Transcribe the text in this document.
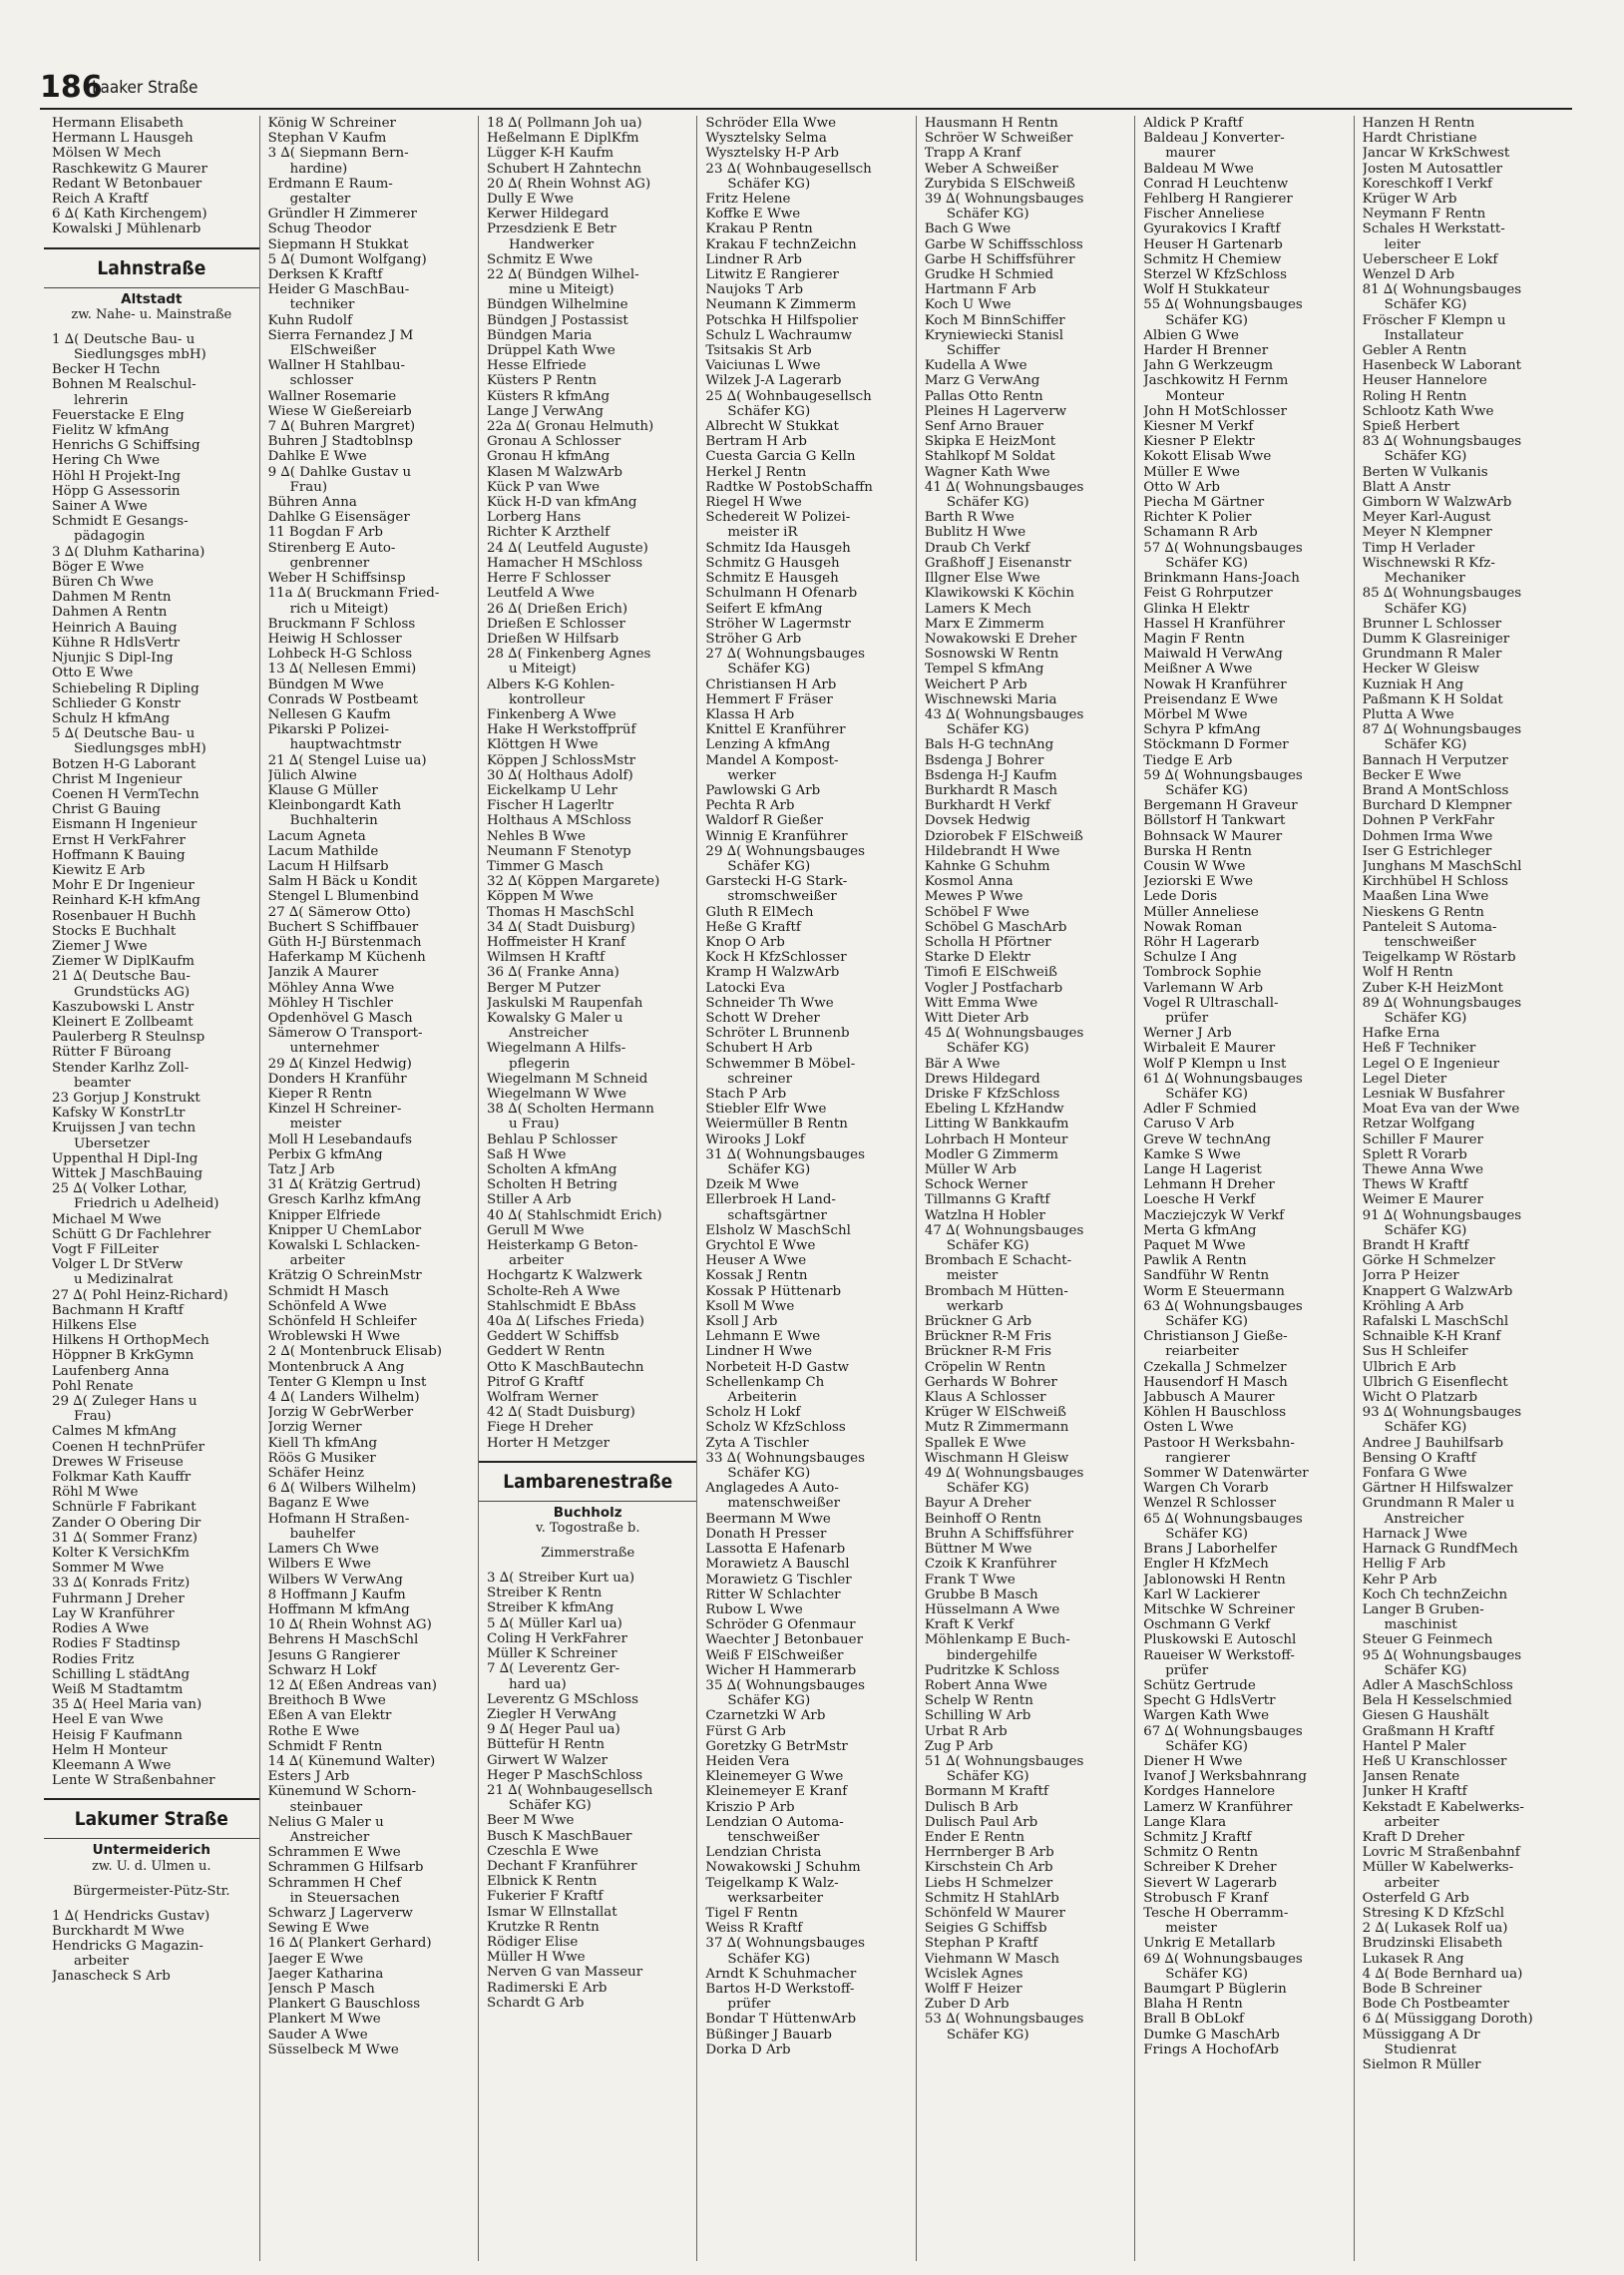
186
Laaker Straße
Hermann Elisabeth
Hermann L Hausgeh
Mölsen W Mech
Raschkewitz G Maurer
Redant W Betonbauer
Reich A Kraftf
6 ∆( Kath Kirchengem)
Kowalski J Mühlenarb
Lahnstraße
Altstadt
zw. Nahe- u. Mainstraße
1 ∆( Deutsche Bau- u
Siedlungsges mbH)
Becker H Techn
Bohnen M Realschul-
lehrerin
Feuerstacke E Elng
Fielitz W kfmAng
Henrichs G Schiffsing
Hering Ch Wwe
Höhl H Projekt-Ing
Höpp G Assessorin
Sainer A Wwe
Schmidt E Gesangs-
pädagogin
3 ∆( Dluhm Katharina)
Böger E Wwe
Büren Ch Wwe
Dahmen M Rentn
Dahmen A Rentn
Heinrich A Bauing
Kühne R HdlsVertr
Njunjic S Dipl-Ing
Otto E Wwe
Schiebeling R Dipling
Schlieder G Konstr
Schulz H kfmAng
5 ∆( Deutsche Bau- u
Siedlungsges mbH)
Botzen H-G Laborant
Christ M Ingenieur
Coenen H VermTechn
Christ G Bauing
Eismann H Ingenieur
Ernst H VerkFahrer
Hoffmann K Bauing
Kiewitz E Arb
Mohr E Dr Ingenieur
Reinhard K-H kfmAng
Rosenbauer H Buchh
Stocks E Buchhalt
Ziemer J Wwe
Ziemer W DiplKaufm
21 ∆( Deutsche Bau-
Grundstücks AG)
Kaszubowski L Anstr
Kleinert E Zollbeamt
Paulerberg R Steulnsp
Rütter F Büroang
Stender Karlhz Zoll-
beamter
23 Gorjup J Konstrukt
Kafsky W KonstrLtr
Kruijssen J van techn
Übersetzer
Uppenthal H Dipl-Ing
Wittek J MaschBauing
25 ∆( Volker Lothar,
Friedrich u Adelheid)
Michael M Wwe
Schütt G Dr Fachlehrer
Vogt F FilLeiter
Volger L Dr StVerw
u Medizinalrat
27 ∆( Pohl Heinz-Richard)
Bachmann H Kraftf
Hilkens Else
Hilkens H OrthopMech
Höppner B KrkGymn
Laufenberg Anna
Pohl Renate
29 ∆( Zuleger Hans u
Frau)
Calmes M kfmAng
Coenen H technPrüfer
Drewes W Friseuse
Folkmar Kath Kauffr
Röhl M Wwe
Schnürle F Fabrikant
Zander O Obering Dir
31 ∆( Sommer Franz)
Kolter K VersichKfm
Sommer M Wwe
33 ∆( Konrads Fritz)
Fuhrmann J Dreher
Lay W Kranführer
Rodies A Wwe
Rodies F Stadtinsp
Rodies Fritz
Schilling L städtAng
Weiß M Stadtamtm
35 ∆( Heel Maria van)
Heel E van Wwe
Heisig F Kaufmann
Helm H Monteur
Kleemann A Wwe
Lente W Straßenbahner
Lakumer Straße
Untermeiderich
zw. U. d. Ulmen u.
Bürgermeister-Pütz-Str.
1 ∆( Hendricks Gustav)
Burckhardt M Wwe
Hendricks G Magazin-
arbeiter
Janascheck S Arb
König W Schreiner
Stephan V Kaufm
3 ∆( Siepmann Bern-
hardine)
Erdmann E Raum-
gestalter
Gründler H Zimmerer
Schug Theodor
Siepmann H Stukkat
5 ∆( Dumont Wolfgang)
Derksen K Kraftf
Heider G MaschBau-
techniker
Kuhn Rudolf
Sierra Fernandez J M
ElSchweißer
Wallner H Stahlbau-
schlosser
Wallner Rosemarie
Wiese W Gießereiarb
7 ∆( Buhren Margret)
Buhren J Stadtoblnsp
Dahlke E Wwe
9 ∆( Dahlke Gustav u
Frau)
Bühren Anna
Dahlke G Eisensäger
11 Bogdan F Arb
Stirenberg E Auto-
genbrenner
Weber H Schiffsinsp
11a ∆( Bruckmann Fried-
rich u Miteigt)
Bruckmann F Schloss
Heiwig H Schlosser
Lohbeck H-G Schloss
13 ∆( Nellesen Emmi)
Bündgen M Wwe
Conrads W Postbeamt
Nellesen G Kaufm
Pikarski P Polizei-
hauptwachtmstr
21 ∆( Stengel Luise ua)
Jülich Alwine
Klause G Müller
Kleinbongardt Kath
Buchhalterin
Lacum Agneta
Lacum Mathilde
Lacum H Hilfsarb
Salm H Bäck u Kondit
Stengel L Blumenbind
27 ∆( Sämerow Otto)
Buchert S Schiffbauer
Güth H-J Bürstenmach
Haferkamp M Küchenh
Janzik A Maurer
Möhley Anna Wwe
Möhley H Tischler
Opdenhövel G Masch
Sämerow O Transport-
unternehmer
29 ∆( Kinzel Hedwig)
Donders H Kranführ
Kieper R Rentn
Kinzel H Schreiner-
meister
Moll H Lesebandaufs
Perbix G kfmAng
Tatz J Arb
31 ∆( Krätzig Gertrud)
Gresch Karlhz kfmAng
Knipper Elfriede
Knipper U ChemLabor
Kowalski L Schlacken-
arbeiter
Krätzig O SchreinMstr
Schmidt H Masch
Schönfeld A Wwe
Schönfeld H Schleifer
Wroblewski H Wwe
2 ∆( Montenbruck Elisab)
Montenbruck A Ang
Tenter G Klempn u Inst
4 ∆( Landers Wilhelm)
Jorzig W GebrWerber
Jorzig Werner
Kiell Th kfmAng
Röös G Musiker
Schäfer Heinz
6 ∆( Wilbers Wilhelm)
Baganz E Wwe
Hofmann H Straßen-
bauhelfer
Lamers Ch Wwe
Wilbers E Wwe
Wilbers W VerwAng
8 Hoffmann J Kaufm
Hoffmann M kfmAng
10 ∆( Rhein Wohnst AG)
Behrens H MaschSchl
Jesuns G Rangierer
Schwarz H Lokf
12 ∆( Eßen Andreas van)
Breithoch B Wwe
Eßen A van Elektr
Rothe E Wwe
Schmidt F Rentn
14 ∆( Künemund Walter)
Esters J Arb
Künemund W Schorn-
steinbauer
Nelius G Maler u
Anstreicher
Schrammen E Wwe
Schrammen G Hilfsarb
Schrammen H Chef
in Steuersachen
Schwarz J Lagerverw
Sewing E Wwe
16 ∆( Plankert Gerhard)
Jaeger E Wwe
Jaeger Katharina
Jensch P Masch
Plankert G Bauschloss
Plankert M Wwe
Sauder A Wwe
Süsselbeck M Wwe
18 ∆( Pollmann Joh ua)
Heßelmann E DiplKfm
Lügger K-H Kaufm
Schubert H Zahntechn
20 ∆( Rhein Wohnst AG)
Dully E Wwe
Kerwer Hildegard
Przesdzienk E Betr
Handwerker
Schmitz E Wwe
22 ∆( Bündgen Wilhel-
mine u Miteigt)
Bündgen Wilhelmine
Bündgen J Postassist
Bündgen Maria
Drüppel Kath Wwe
Hesse Elfriede
Küsters P Rentn
Küsters R kfmAng
Lange J VerwAng
22a ∆( Gronau Helmuth)
Gronau A Schlosser
Gronau H kfmAng
Klasen M WalzwArb
Kück P van Wwe
Kück H-D van kfmAng
Lorberg Hans
Richter K Arzthelf
24 ∆( Leutfeld Auguste)
Hamacher H MSchloss
Herre F Schlosser
Leutfeld A Wwe
26 ∆( Drießen Erich)
Drießen E Schlosser
Drießen W Hilfsarb
28 ∆( Finkenberg Agnes
u Miteigt)
Albers K-G Kohlen-
kontrolleur
Finkenberg A Wwe
Hake H Werkstoffprüf
Klöttgen H Wwe
Köppen J SchlossMstr
30 ∆( Holthaus Adolf)
Eickelkamp U Lehr
Fischer H Lagerltr
Holthaus A MSchloss
Nehles B Wwe
Neumann F Stenotyp
Timmer G Masch
32 ∆( Köppen Margarete)
Köppen M Wwe
Thomas H MaschSchl
34 ∆( Stadt Duisburg)
Hoffmeister H Kranf
Wilmsen H Kraftf
36 ∆( Franke Anna)
Berger M Putzer
Jaskulski M Raupenfah
Kowalsky G Maler u
Anstreicher
Wiegelmann A Hilfs-
pflegerin
Wiegelmann M Schneid
Wiegelmann W Wwe
38 ∆( Scholten Hermann
u Frau)
Behlau P Schlosser
Saß H Wwe
Scholten A kfmAng
Scholten H Betring
Stiller A Arb
40 ∆( Stahlschmidt Erich)
Gerull M Wwe
Heisterkamp G Beton-
arbeiter
Hochgartz K Walzwerk
Scholte-Reh A Wwe
Stahlschmidt E BbAss
40a ∆( Lifsches Frieda)
Geddert W Schiffsb
Geddert W Rentn
Otto K MaschBautechn
Pitrof G Kraftf
Wolfram Werner
42 ∆( Stadt Duisburg)
Fiege H Dreher
Horter H Metzger
Lambarenestraße
Buchholz
v. Togostraße b.
Zimmerstraße
3 ∆( Streiber Kurt ua)
Streiber K Rentn
Streiber K kfmAng
5 ∆( Müller Karl ua)
Coling H VerkFahrer
Müller K Schreiner
7 ∆( Leverentz Ger-
hard ua)
Leverentz G MSchloss
Ziegler H VerwAng
9 ∆( Heger Paul ua)
Büttefür H Rentn
Girwert W Walzer
Heger P MaschSchloss
21 ∆( Wohnbaugesellsch
Schäfer KG)
Beer M Wwe
Busch K MaschBauer
Czeschla E Wwe
Dechant F Kranführer
Elbnick K Rentn
Fukerier F Kraftf
Ismar W Ellnstallat
Krutzke R Rentn
Rödiger Elise
Müller H Wwe
Nerven G van Masseur
Radimerski E Arb
Schardt G Arb
Schröder Ella Wwe
Wysztelsky Selma
Wysztelsky H-P Arb
23 ∆( Wohnbaugesellsch
Schäfer KG)
Fritz Helene
Koffke E Wwe
Krakau P Rentn
Krakau F technZeichn
Lindner R Arb
Litwitz E Rangierer
Naujoks T Arb
Neumann K Zimmerm
Potschka H Hilfspolier
Schulz L Wachraumw
Tsitsakis St Arb
Vaiciunas L Wwe
Wilzek J-A Lagerarb
25 ∆( Wohnbaugesellsch
Schäfer KG)
Albrecht W Stukkat
Bertram H Arb
Cuesta Garcia G Kelln
Herkel J Rentn
Radtke W PostobSchaffn
Riegel H Wwe
Schedereit W Polizei-
meister iR
Schmitz Ida Hausgeh
Schmitz G Hausgeh
Schmitz E Hausgeh
Schulmann H Ofenarb
Seifert E kfmAng
Ströher W Lagermstr
Ströher G Arb
27 ∆( Wohnungsbauges
Schäfer KG)
Christiansen H Arb
Hemmert F Fräser
Klassa H Arb
Knittel E Kranführer
Lenzing A kfmAng
Mandel A Kompost-
werker
Pawlowski G Arb
Pechta R Arb
Waldorf R Gießer
Winnig E Kranführer
29 ∆( Wohnungsbauges
Schäfer KG)
Garstecki H-G Stark-
stromschweißer
Gluth R ElMech
Heße G Kraftf
Knop O Arb
Kock H KfzSchlosser
Kramp H WalzwArb
Latocki Eva
Schneider Th Wwe
Schott W Dreher
Schröter L Brunnenb
Schubert H Arb
Schwemmer B Möbel-
schreiner
Stach P Arb
Stiebler Elfr Wwe
Weiermüller B Rentn
Wirooks J Lokf
31 ∆( Wohnungsbauges
Schäfer KG)
Dzeik M Wwe
Ellerbroek H Land-
schaftsgärtner
Elsholz W MaschSchl
Grychtol E Wwe
Heuser A Wwe
Kossak J Rentn
Kossak P Hüttenarb
Ksoll M Wwe
Ksoll J Arb
Lehmann E Wwe
Lindner H Wwe
Norbeteit H-D Gastw
Schellenkamp Ch
Arbeiterin
Scholz H Lokf
Scholz W KfzSchloss
Zyta A Tischler
33 ∆( Wohnungsbauges
Schäfer KG)
Anglagedes A Auto-
matenschweißer
Beermann M Wwe
Donath H Presser
Lassotta E Hafenarb
Morawietz A Bauschl
Morawietz G Tischler
Ritter W Schlachter
Rubow L Wwe
Schröder G Ofenmaur
Waechter J Betonbauer
Weiß F ElSchweißer
Wicher H Hammerarb
35 ∆( Wohnungsbauges
Schäfer KG)
Czarnetzki W Arb
Fürst G Arb
Goretzky G BetrMstr
Heiden Vera
Kleinemeyer G Wwe
Kleinemeyer E Kranf
Kriszio P Arb
Lendzian O Automa-
tenschweißer
Lendzian Christa
Nowakowski J Schuhm
Teigelkamp K Walz-
werksarbeiter
Tigel F Rentn
Weiss R Kraftf
37 ∆( Wohnungsbauges
Schäfer KG)
Arndt K Schuhmacher
Bartos H-D Werkstoff-
prüfer
Bondar T HüttenwArb
Büßinger J Bauarb
Dorka D Arb
Hausmann H Rentn
Schröer W Schweißer
Trapp A Kranf
Weber A Schweißer
Zurybida S ElSchweiß
39 ∆( Wohnungsbauges
Schäfer KG)
Bach G Wwe
Garbe W Schiffsschloss
Garbe H Schiffsführer
Grudke H Schmied
Hartmann F Arb
Koch U Wwe
Koch M BinnSchiffer
Kryniewiecki Stanisl
Schiffer
Kudella A Wwe
Marz G VerwAng
Pallas Otto Rentn
Pleines H Lagerverw
Senf Arno Brauer
Skipka E HeizMont
Stahlkopf M Soldat
Wagner Kath Wwe
41 ∆( Wohnungsbauges
Schäfer KG)
Barth R Wwe
Bublitz H Wwe
Draub Ch Verkf
Graßhoff J Eisenanstr
Illgner Else Wwe
Klawikowski K Köchin
Lamers K Mech
Marx E Zimmerm
Nowakowski E Dreher
Sosnowski W Rentn
Tempel S kfmAng
Weichert P Arb
Wischnewski Maria
43 ∆( Wohnungsbauges
Schäfer KG)
Bals H-G technAng
Bsdenga J Bohrer
Bsdenga H-J Kaufm
Burkhardt R Masch
Burkhardt H Verkf
Dovsek Hedwig
Dziorobek F ElSchweiß
Hildebrandt H Wwe
Kahnke G Schuhm
Kosmol Anna
Mewes P Wwe
Schöbel F Wwe
Schöbel G MaschArb
Scholla H Pförtner
Starke D Elektr
Timofi E ElSchweiß
Vogler J Postfacharb
Witt Emma Wwe
Witt Dieter Arb
45 ∆( Wohnungsbauges
Schäfer KG)
Bär A Wwe
Drews Hildegard
Driske F KfzSchloss
Ebeling L KfzHandw
Litting W Bankkaufm
Lohrbach H Monteur
Modler G Zimmerm
Müller W Arb
Schock Werner
Tillmanns G Kraftf
Watzlna H Hobler
47 ∆( Wohnungsbauges
Schäfer KG)
Brombach E Schacht-
meister
Brombach M Hütten-
werkarb
Brückner G Arb
Brückner R-M Fris
Brückner R-M Fris
Cröpelin W Rentn
Gerhards W Bohrer
Klaus A Schlosser
Krüger W ElSchweiß
Mutz R Zimmermann
Spallek E Wwe
Wischmann H Gleisw
49 ∆( Wohnungsbauges
Schäfer KG)
Bayur A Dreher
Beinhoff O Rentn
Bruhn A Schiffsführer
Büttner M Wwe
Czoik K Kranführer
Frank T Wwe
Grubbe B Masch
Hüsselmann A Wwe
Kraft K Verkf
Möhlenkamp E Buch-
bindergehilfe
Pudritzke K Schloss
Robert Anna Wwe
Schelp W Rentn
Schilling W Arb
Urbat R Arb
Zug P Arb
51 ∆( Wohnungsbauges
Schäfer KG)
Bormann M Kraftf
Dulisch B Arb
Dulisch Paul Arb
Ender E Rentn
Herrnberger B Arb
Kirschstein Ch Arb
Liebs H Schmelzer
Schmitz H StahlArb
Schönfeld W Maurer
Seigies G Schiffsb
Stephan P Kraftf
Viehmann W Masch
Wcislek Agnes
Wolff F Heizer
Zuber D Arb
53 ∆( Wohnungsbauges
Schäfer KG)
Aldick P Kraftf
Baldeau J Konverter-
maurer
Baldeau M Wwe
Conrad H Leuchtenw
Fehlberg H Rangierer
Fischer Anneliese
Gyurakovics I Kraftf
Heuser H Gartenarb
Schmitz H Chemiew
Sterzel W KfzSchloss
Wolf H Stukkateur
55 ∆( Wohnungsbauges
Schäfer KG)
Albien G Wwe
Harder H Brenner
Jahn G Werkzeugm
Jaschkowitz H Fernm
Monteur
John H MotSchlosser
Kiesner M Verkf
Kiesner P Elektr
Kokott Elisab Wwe
Müller E Wwe
Otto W Arb
Piecha M Gärtner
Richter K Polier
Schamann R Arb
57 ∆( Wohnungsbauges
Schäfer KG)
Brinkmann Hans-Joach
Feist G Rohrputzer
Glinka H Elektr
Hassel H Kranführer
Magin F Rentn
Maiwald H VerwAng
Meißner A Wwe
Nowak H Kranführer
Preisendanz E Wwe
Mörbel M Wwe
Schyra P kfmAng
Stöckmann D Former
Tiedge E Arb
59 ∆( Wohnungsbauges
Schäfer KG)
Bergemann H Graveur
Böllstorf H Tankwart
Bohnsack W Maurer
Burska H Rentn
Cousin W Wwe
Jeziorski E Wwe
Lede Doris
Müller Anneliese
Nowak Roman
Röhr H Lagerarb
Schulze I Ang
Tombrock Sophie
Varlemann W Arb
Vogel R Ultraschall-
prüfer
Werner J Arb
Wirbaleit E Maurer
Wolf P Klempn u Inst
61 ∆( Wohnungsbauges
Schäfer KG)
Adler F Schmied
Caruso V Arb
Greve W technAng
Kamke S Wwe
Lange H Lagerist
Lehmann H Dreher
Loesche H Verkf
Macziejczyk W Verkf
Merta G kfmAng
Paquet M Wwe
Pawlik A Rentn
Sandführ W Rentn
Worm E Steuermann
63 ∆( Wohnungsbauges
Schäfer KG)
Christianson J Gieße-
reiarbeiter
Czekalla J Schmelzer
Hausendorf H Masch
Jabbusch A Maurer
Köhlen H Bauschloss
Osten L Wwe
Pastoor H Werksbahn-
rangierer
Sommer W Datenwärter
Wargen Ch Vorarb
Wenzel R Schlosser
65 ∆( Wohnungsbauges
Schäfer KG)
Brans J Laborhelfer
Engler H KfzMech
Jablonowski H Rentn
Karl W Lackierer
Mitschke W Schreiner
Oschmann G Verkf
Pluskowski E Autoschl
Raueiser W Werkstoff-
prüfer
Schütz Gertrude
Specht G HdlsVertr
Wargen Kath Wwe
67 ∆( Wohnungsbauges
Schäfer KG)
Diener H Wwe
Ivanof J Werksbahnrang
Kordges Hannelore
Lamerz W Kranführer
Lange Klara
Schmitz J Kraftf
Schmitz O Rentn
Schreiber K Dreher
Sievert W Lagerarb
Strobusch F Kranf
Tesche H Oberramm-
meister
Unkrig E Metallarb
69 ∆( Wohnungsbauges
Schäfer KG)
Baumgart P Büglerin
Blaha H Rentn
Brall B ObLokf
Dumke G MaschArb
Frings A HochofArb
Hanzen H Rentn
Hardt Christiane
Jancar W KrkSchwest
Josten M Autosattler
Koreschkoff I Verkf
Krüger W Arb
Neymann F Rentn
Schales H Werkstatt-
leiter
Ueberscheer E Lokf
Wenzel D Arb
81 ∆( Wohnungsbauges
Schäfer KG)
Fröscher F Klempn u
Installateur
Gebler A Rentn
Hasenbeck W Laborant
Heuser Hannelore
Roling H Rentn
Schlootz Kath Wwe
Spieß Herbert
83 ∆( Wohnungsbauges
Schäfer KG)
Berten W Vulkanis
Blatt A Anstr
Gimborn W WalzwArb
Meyer Karl-August
Meyer N Klempner
Timp H Verlader
Wischnewski R Kfz-
Mechaniker
85 ∆( Wohnungsbauges
Schäfer KG)
Brunner L Schlosser
Dumm K Glasreiniger
Grundmann R Maler
Hecker W Gleisw
Kuzniak H Ang
Paßmann K H Soldat
Plutta A Wwe
87 ∆( Wohnungsbauges
Schäfer KG)
Bannach H Verputzer
Becker E Wwe
Brand A MontSchloss
Burchard D Klempner
Dohnen P VerkFahr
Dohmen Irma Wwe
Iser G Estrichleger
Junghans M MaschSchl
Kirchhübel H Schloss
Maaßen Lina Wwe
Nieskens G Rentn
Panteleit S Automa-
tenschweißer
Teigelkamp W Röstarb
Wolf H Rentn
Zuber K-H HeizMont
89 ∆( Wohnungsbauges
Schäfer KG)
Hafke Erna
Heß F Techniker
Legel O E Ingenieur
Legel Dieter
Lesniak W Busfahrer
Moat Eva van der Wwe
Retzar Wolfgang
Schiller F Maurer
Splett R Vorarb
Thewe Anna Wwe
Thews W Kraftf
Weimer E Maurer
91 ∆( Wohnungsbauges
Schäfer KG)
Brandt H Kraftf
Görke H Schmelzer
Jorra P Heizer
Knappert G WalzwArb
Kröhling A Arb
Rafalski L MaschSchl
Schnaible K-H Kranf
Sus H Schleifer
Ulbrich E Arb
Ulbrich G Eisenflecht
Wicht O Platzarb
93 ∆( Wohnungsbauges
Schäfer KG)
Andree J Bauhilfsarb
Bensing O Kraftf
Fonfara G Wwe
Gärtner H Hilfswalzer
Grundmann R Maler u
Anstreicher
Harnack J Wwe
Harnack G RundfMech
Hellig F Arb
Kehr P Arb
Koch Ch technZeichn
Langer B Gruben-
maschinist
Steuer G Feinmech
95 ∆( Wohnungsbauges
Schäfer KG)
Adler A MaschSchloss
Bela H Kesselschmied
Giesen G Haushält
Graßmann H Kraftf
Hantel P Maler
Heß U Kranschlosser
Jansen Renate
Junker H Kraftf
Kekstadt E Kabelwerks-
arbeiter
Kraft D Dreher
Lovric M Straßenbahnf
Müller W Kabelwerks-
arbeiter
Osterfeld G Arb
Stresing K D KfzSchl
2 ∆( Lukasek Rolf ua)
Brudzinski Elisabeth
Lukasek R Ang
4 ∆( Bode Bernhard ua)
Bode B Schreiner
Bode Ch Postbeamter
6 ∆( Müssiggang Doroth)
Müssiggang A Dr
Studienrat
Sielmon R Müller
